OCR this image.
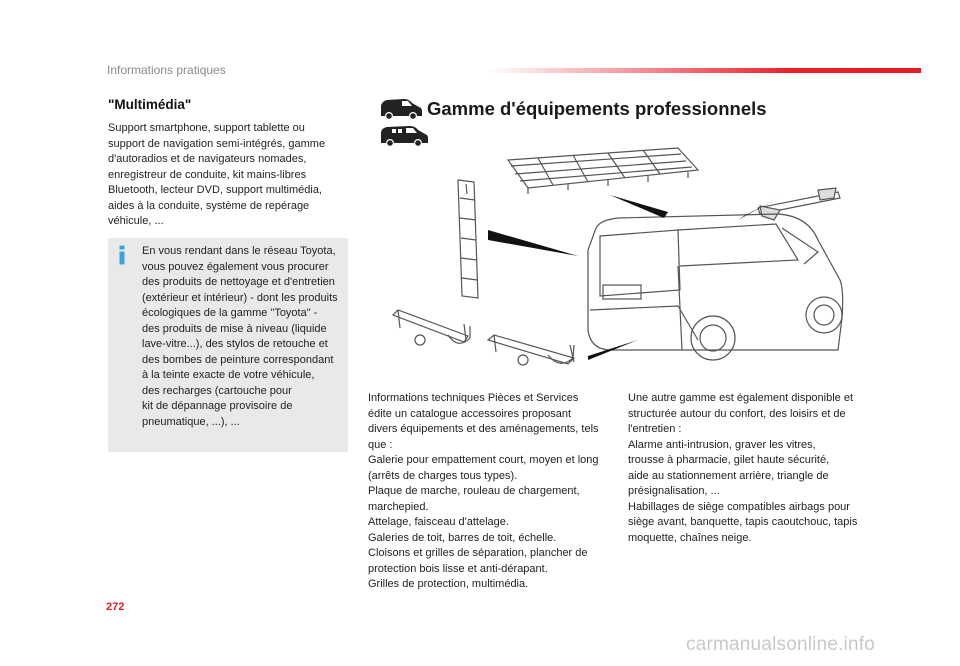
Informations pratiques
"Multimédia"
Support smartphone, support tablette ou
support de navigation semi-intégrés, gamme
d'autoradios et de navigateurs nomades,
enregistreur de conduite, kit mains-libres
Bluetooth, lecteur DVD, support multimédia,
aides à la conduite, système de repérage
véhicule, ...
En vous rendant dans le réseau Toyota,
vous pouvez également vous procurer
des produits de nettoyage et d'entretien
(extérieur et intérieur) - dont les produits
écologiques de la gamme "Toyota" -
des produits de mise à niveau (liquide
lave-vitre...), des stylos de retouche et
des bombes de peinture correspondant
à la teinte exacte de votre véhicule,
des recharges (cartouche pour
kit de dépannage provisoire de
pneumatique, ...), ...
Gamme d'équipements professionnels
Informations techniques Pièces et Services
édite un catalogue accessoires proposant
divers équipements et des aménagements, tels
que :
Galerie pour empattement court, moyen et long
(arrêts de charges tous types).
Plaque de marche, rouleau de chargement,
marchepied.
Attelage, faisceau d'attelage.
Galeries de toit, barres de toit, échelle.
Cloisons et grilles de séparation, plancher de
protection bois lisse et anti-dérapant.
Grilles de protection, multimédia.
Une autre gamme est également disponible et
structurée autour du confort, des loisirs et de
l'entretien :
Alarme anti-intrusion, graver les vitres,
trousse à pharmacie, gilet haute sécurité,
aide au stationnement arrière, triangle de
présignalisation, ...
Habillages de siège compatibles airbags pour
siège avant, banquette, tapis caoutchouc, tapis
moquette, chaînes neige.
272
carmanualsonline.info
